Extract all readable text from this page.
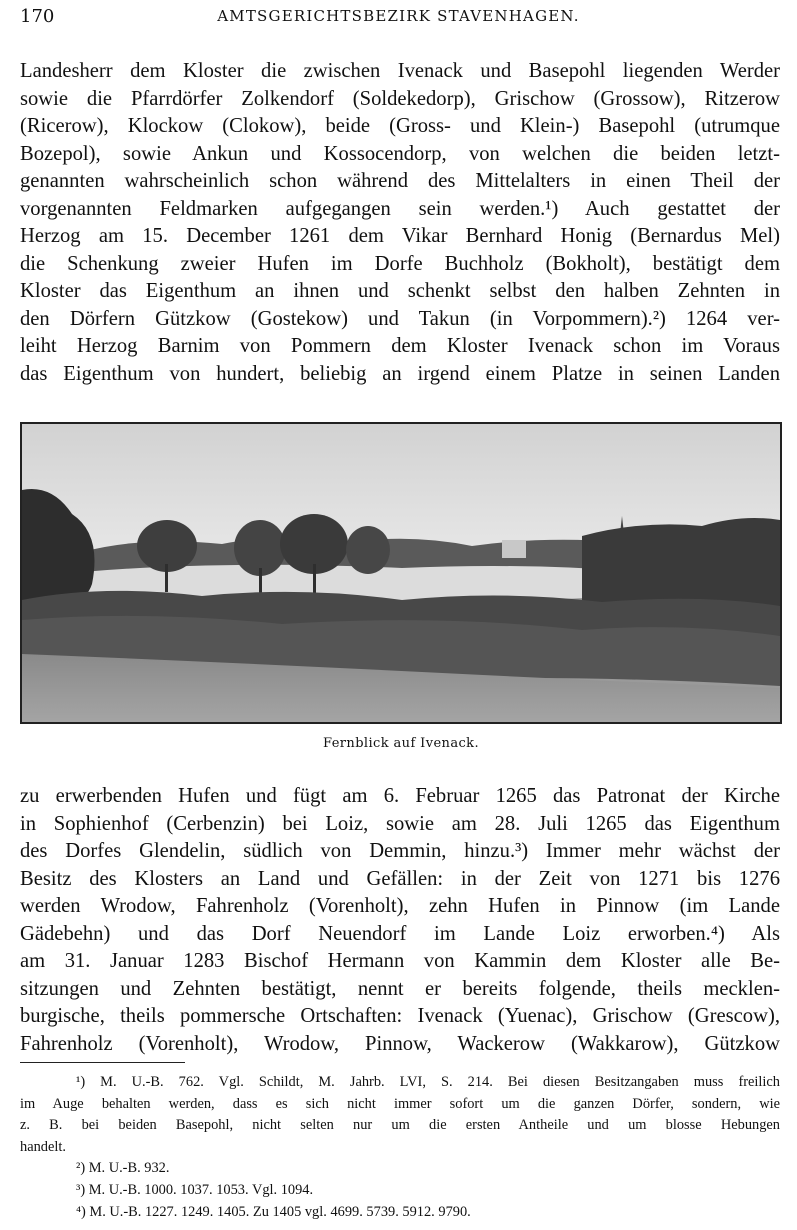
170	AMTSGERICHTSBEZIRK STAVENHAGEN.
Landesherr dem Kloster die zwischen Ivenack und Basepohl liegenden Werder
sowie die Pfarrdörfer Zolkendorf (Soldekedorp), Grischow (Grossow), Ritzerow
(Ricerow), Klockow (Clokow), beide (Gross- und Klein-) Basepohl (utrumque
Bozepol), sowie Ankun und Kossocendorp, von welchen die beiden letzt-
genannten wahrscheinlich schon während des Mittelalters in einen Theil der
vorgenannten Feldmarken aufgegangen sein werden.¹) Auch gestattet der
Herzog am 15. December 1261 dem Vikar Bernhard Honig (Bernardus Mel)
die Schenkung zweier Hufen im Dorfe Buchholz (Bokholt), bestätigt dem
Kloster das Eigenthum an ihnen und schenkt selbst den halben Zehnten in
den Dörfern Gützkow (Gostekow) und Takun (in Vorpommern).²) 1264 ver-
leiht Herzog Barnim von Pommern dem Kloster Ivenack schon im Voraus
das Eigenthum von hundert, beliebig an irgend einem Platze in seinen Landen
Fernblick auf Ivenack.
zu erwerbenden Hufen und fügt am 6. Februar 1265 das Patronat der Kirche
in Sophienhof (Cerbenzin) bei Loiz, sowie am 28. Juli 1265 das Eigenthum
des Dorfes Glendelin, südlich von Demmin, hinzu.³) Immer mehr wächst der
Besitz des Klosters an Land und Gefällen: in der Zeit von 1271 bis 1276
werden Wrodow, Fahrenholz (Vorenholt), zehn Hufen in Pinnow (im Lande
Gädebehn) und das Dorf Neuendorf im Lande Loiz erworben.⁴) Als
am 31. Januar 1283 Bischof Hermann von Kammin dem Kloster alle Be-
sitzungen und Zehnten bestätigt, nennt er bereits folgende, theils mecklen-
burgische, theils pommersche Ortschaften: Ivenack (Yuenac), Grischow (Grescow),
Fahrenholz (Vorenholt), Wrodow, Pinnow, Wackerow (Wakkarow), Gützkow
¹) M. U.-B. 762. Vgl. Schildt, M. Jahrb. LVI, S. 214. Bei diesen Besitzangaben muss freilich
im Auge behalten werden, dass es sich nicht immer sofort um die ganzen Dörfer, sondern, wie
z. B. bei beiden Basepohl, nicht selten nur um die ersten Antheile und um blosse Hebungen
handelt.
²) M. U.-B. 932.
³) M. U.-B. 1000. 1037. 1053. Vgl. 1094.
⁴) M. U.-B. 1227. 1249. 1405. Zu 1405 vgl. 4699. 5739. 5912. 9790.
